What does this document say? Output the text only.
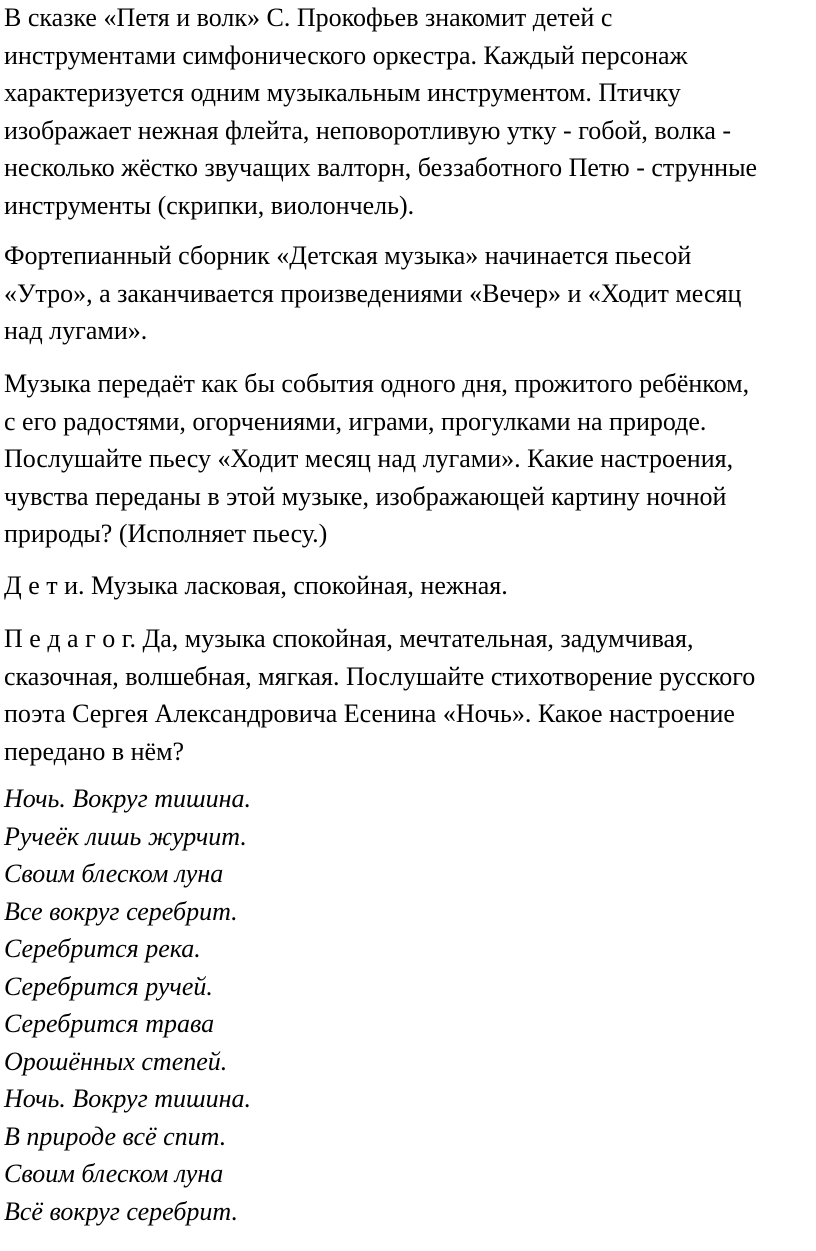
В сказке «Петя и волк» С. Прокофьев знакомит детей с
инструментами симфонического оркестра. Каждый персонаж
характеризуется одним музыкальным инструментом. Птичку
изображает нежная флейта, неповоротливую утку - гобой, волка -
несколько жёстко звучащих валторн, беззаботного Петю - струнные
инструменты (скрипки, виолончель).
Фортепианный сборник «Детская музыка» начинается пьесой
«Утро», а заканчивается произведениями «Вечер» и «Ходит месяц
над лугами».
Музыка передаёт как бы события одного дня, прожитого ребёнком,
с его радостями, огорчениями, играми, прогулками на природе.
Послушайте пьесу «Ходит месяц над лугами». Какие настроения,
чувства переданы в этой музыке, изображающей картину ночной
природы? (Исполняет пьесу.)
Д е т и. Музыка ласковая, спокойная, нежная.
П е д а г о г. Да, музыка спокойная, мечтательная, задумчивая,
сказочная, волшебная, мягкая. Послушайте стихотворение русского
поэта Сергея Александровича Есенина «Ночь». Какое настроение
передано в нём?
Ночь. Вокруг тишина.
Ручеёк лишь журчит.
Своим блеском луна
Все вокруг серебрит.
Серебрится река.
Серебрится ручей.
Серебрится трава
Орошённых степей.
Ночь. Вокруг тишина.
В природе всё спит.
Своим блеском луна
Всё вокруг серебрит.
